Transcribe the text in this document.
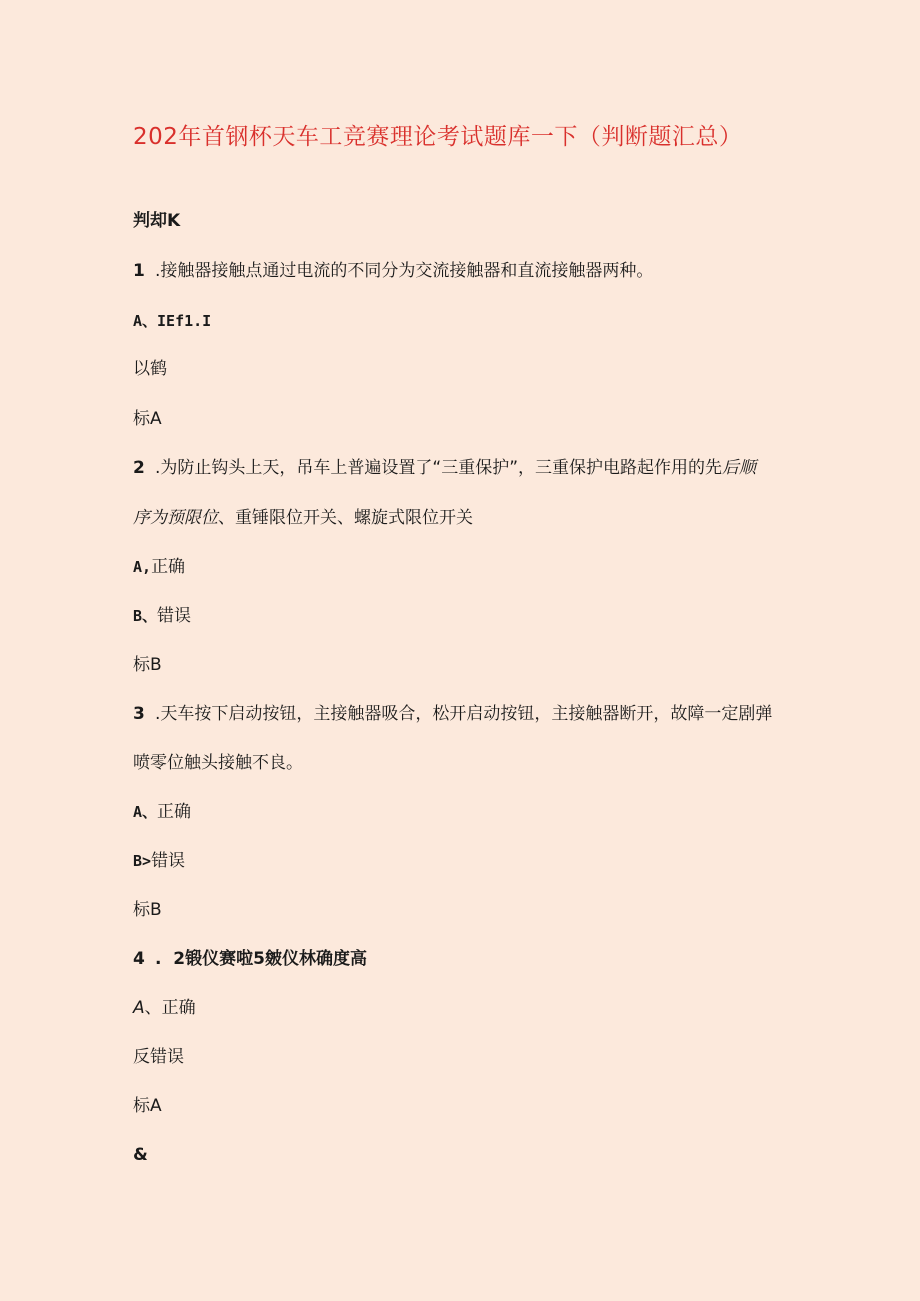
202年首钢杯天车工竞赛理论考试题库一下（判断题汇总）
判却K
1 .接触器接触点通过电流的不同分为交流接触器和直流接触器两种。
A、IEf1.I
以鹤
标A
2 .为防止钩头上天，吊车上普遍设置了“三重保护”，三重保护电路起作用的先后顺
序为预限位、重锤限位开关、螺旋式限位开关
A,正确
B、错误
标B
3 .天车按下启动按钮，主接触器吸合，松开启动按钮，主接触器断开，故障一定剧弹
喷零位触头接触不良。
A、正确
B>错误
标B
4 .  2锻仪赛啦5皴仪林确度高
A、正确
反错误
标A
&
